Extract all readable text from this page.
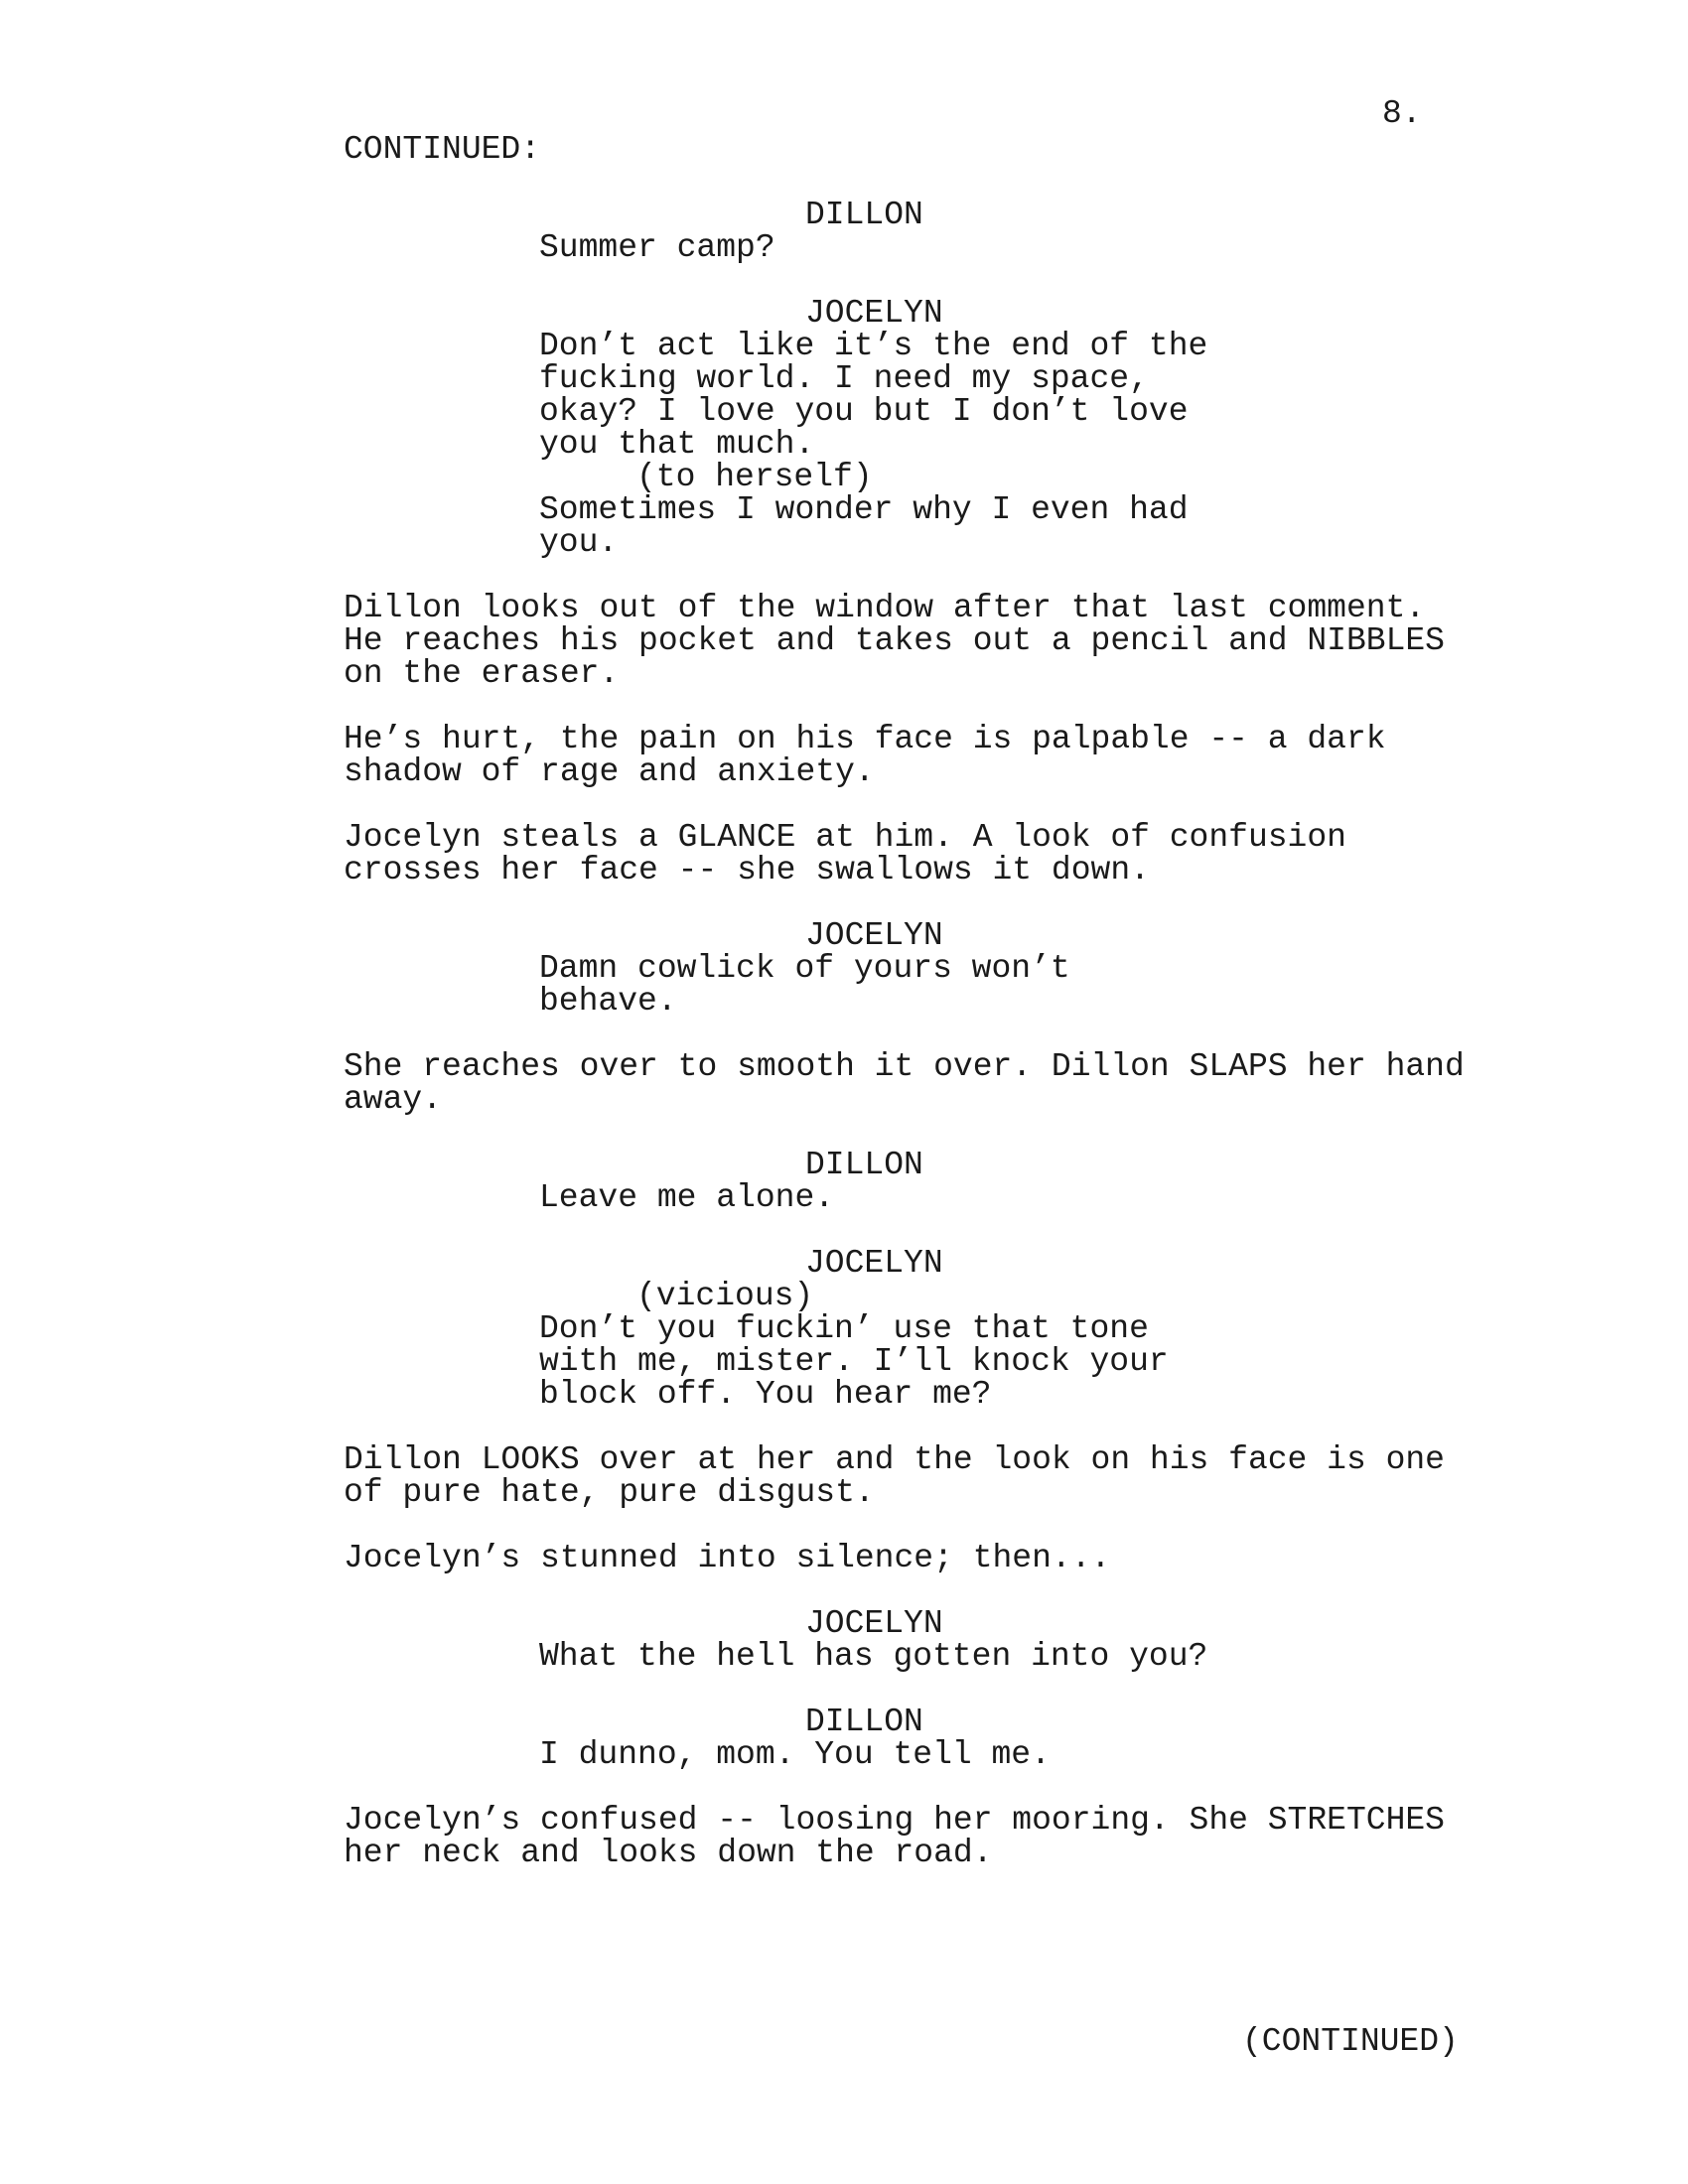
8.
CONTINUED:
DILLON
Summer camp?
JOCELYN
Don’t act like it’s the end of the
fucking world. I need my space,
okay? I love you but I don’t love
you that much.
(to herself)
Sometimes I wonder why I even had
you.
Dillon looks out of the window after that last comment.
He reaches his pocket and takes out a pencil and NIBBLES
on the eraser.
He’s hurt, the pain on his face is palpable -- a dark
shadow of rage and anxiety.
Jocelyn steals a GLANCE at him. A look of confusion
crosses her face -- she swallows it down.
JOCELYN
Damn cowlick of yours won’t
behave.
She reaches over to smooth it over. Dillon SLAPS her hand
away.
DILLON
Leave me alone.
JOCELYN
(vicious)
Don’t you fuckin’ use that tone
with me, mister. I’ll knock your
block off. You hear me?
Dillon LOOKS over at her and the look on his face is one
of pure hate, pure disgust.
Jocelyn’s stunned into silence; then...
JOCELYN
What the hell has gotten into you?
DILLON
I dunno, mom. You tell me.
Jocelyn’s confused -- loosing her mooring. She STRETCHES
her neck and looks down the road.
(CONTINUED)
